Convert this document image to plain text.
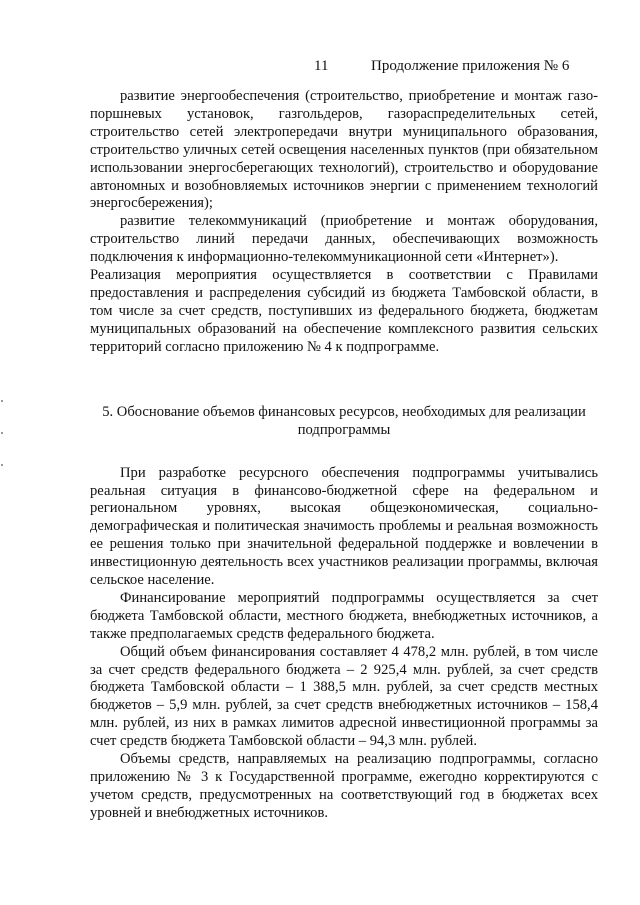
11	Продолжение приложения № 6

развитие энергообеспечения (строительство, приобретение и монтаж газо-поршневых установок, газгольдеров, газораспределительных сетей, строительство сетей электропередачи внутри муниципального образования, строительство уличных сетей освещения населенных пунктов (при обязательном использовании энергосберегающих технологий), строительство и оборудование автономных и возобновляемых источников энергии с применением технологий энергосбережения);

развитие телекоммуникаций (приобретение и монтаж оборудования, строительство линий передачи данных, обеспечивающих возможность подключения к информационно-телекоммуникационной сети «Интернет»).

Реализация мероприятия осуществляется в соответствии с Правилами предоставления и распределения субсидий из бюджета Тамбовской области, в том числе за счет средств, поступивших из федерального бюджета, бюджетам муниципальных образований на обеспечение комплексного развития сельских территорий согласно приложению № 4 к подпрограмме.

5. Обоснование объемов финансовых ресурсов, необходимых для реализации подпрограммы

При разработке ресурсного обеспечения подпрограммы учитывались реальная ситуация в финансово-бюджетной сфере на федеральном и региональном уровнях, высокая общеэкономическая, социально-демографическая и политическая значимость проблемы и реальная возможность ее решения только при значительной федеральной поддержке и вовлечении в инвестиционную деятельность всех участников реализации программы, включая сельское население.

Финансирование мероприятий подпрограммы осуществляется за счет бюджета Тамбовской области, местного бюджета, внебюджетных источников, а также предполагаемых средств федерального бюджета.

Общий объем финансирования составляет 4 478,2 млн. рублей, в том числе за счет средств федерального бюджета – 2 925,4 млн. рублей, за счет средств бюджета Тамбовской области – 1 388,5 млн. рублей, за счет средств местных бюджетов – 5,9 млн. рублей, за счет средств внебюджетных источников – 158,4 млн. рублей, из них в рамках лимитов адресной инвестиционной программы за счет средств бюджета Тамбовской области – 94,3 млн. рублей.

Объемы средств, направляемых на реализацию подпрограммы, согласно приложению № 3 к Государственной программе, ежегодно корректируются с учетом средств, предусмотренных на соответствующий год в бюджетах всех уровней и внебюджетных источников.
